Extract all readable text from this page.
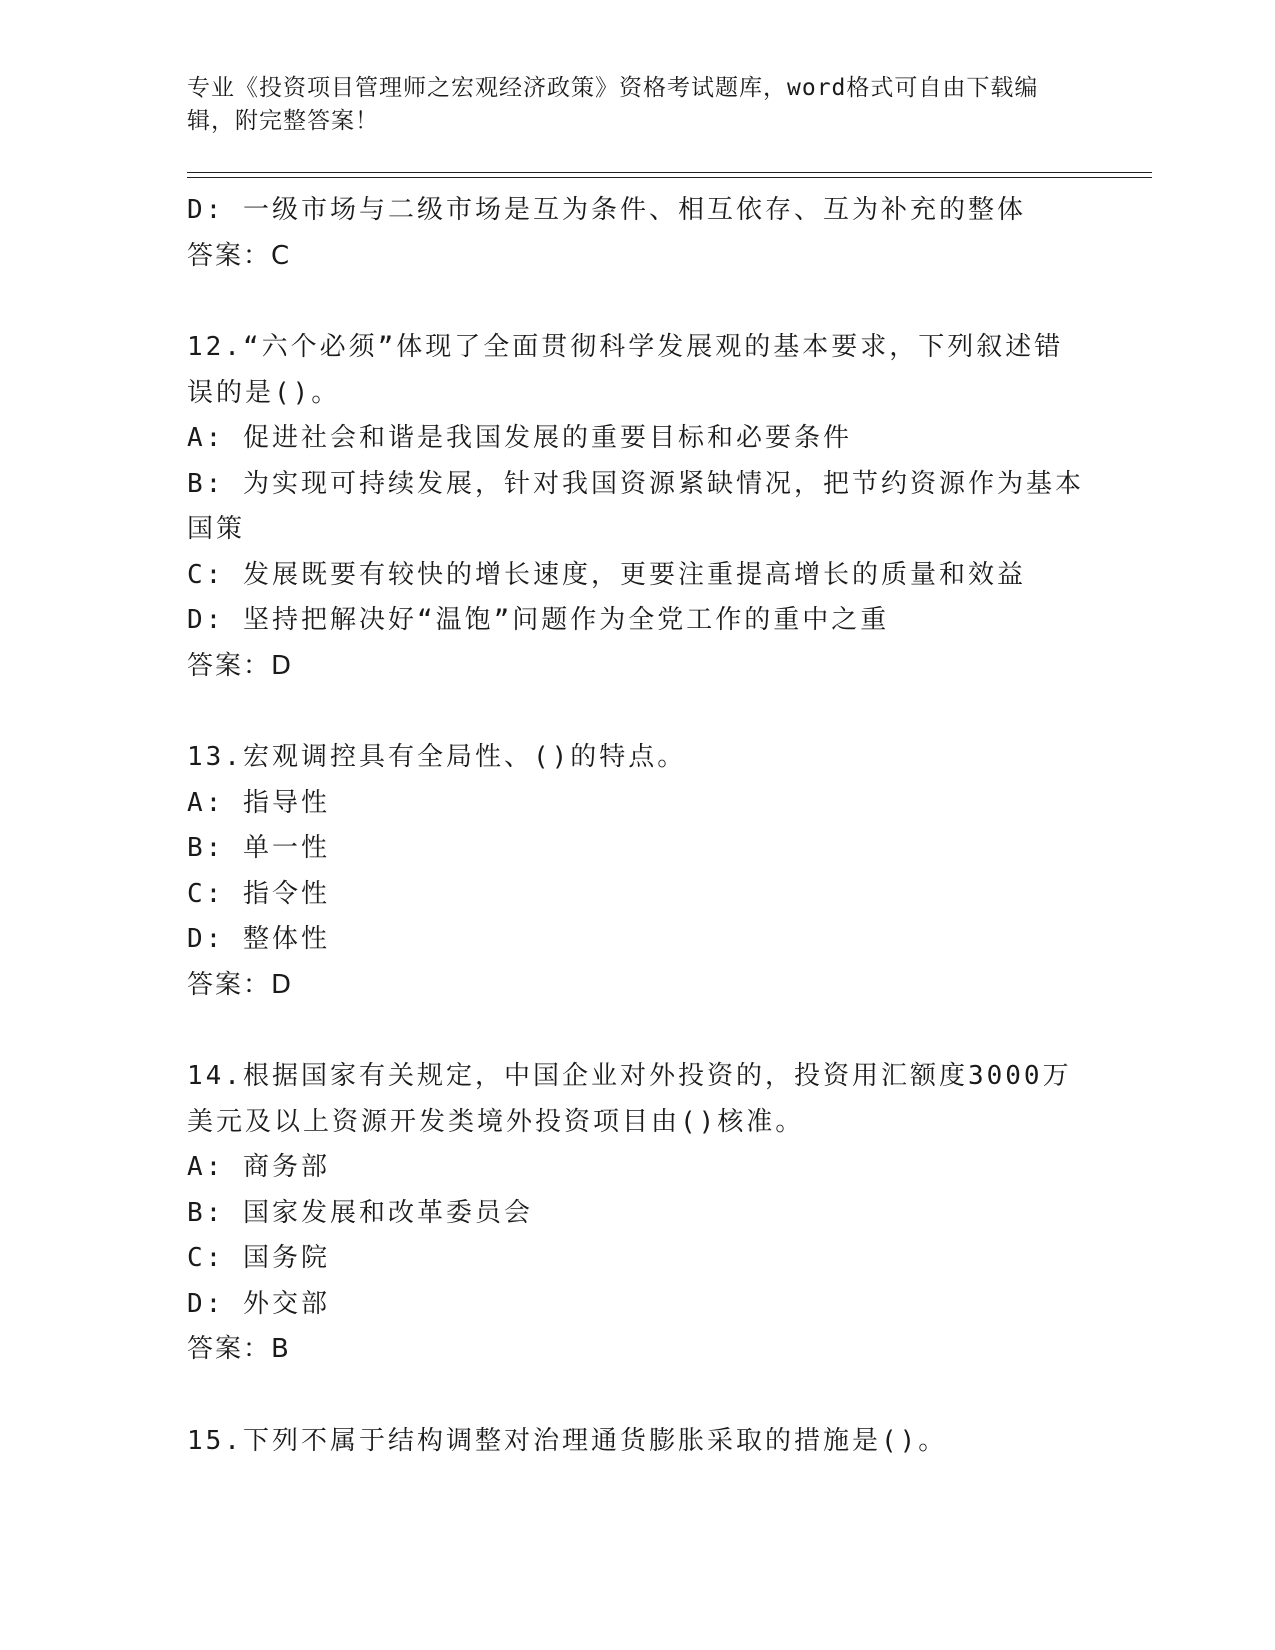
专业《投资项目管理师之宏观经济政策》资格考试题库，word格式可自由下载编
辑，附完整答案！
D: 一级市场与二级市场是互为条件、相互依存、互为补充的整体
答案：C
12.“六个必须”体现了全面贯彻科学发展观的基本要求，下列叙述错
误的是()。
A: 促进社会和谐是我国发展的重要目标和必要条件
B: 为实现可持续发展，针对我国资源紧缺情况，把节约资源作为基本
国策
C: 发展既要有较快的增长速度，更要注重提高增长的质量和效益
D: 坚持把解决好“温饱”问题作为全党工作的重中之重
答案：D
13.宏观调控具有全局性、()的特点。
A: 指导性
B: 单一性
C: 指令性
D: 整体性
答案：D
14.根据国家有关规定，中国企业对外投资的，投资用汇额度3000万
美元及以上资源开发类境外投资项目由()核准。
A: 商务部
B: 国家发展和改革委员会
C: 国务院
D: 外交部
答案：B
15.下列不属于结构调整对治理通货膨胀采取的措施是()。
